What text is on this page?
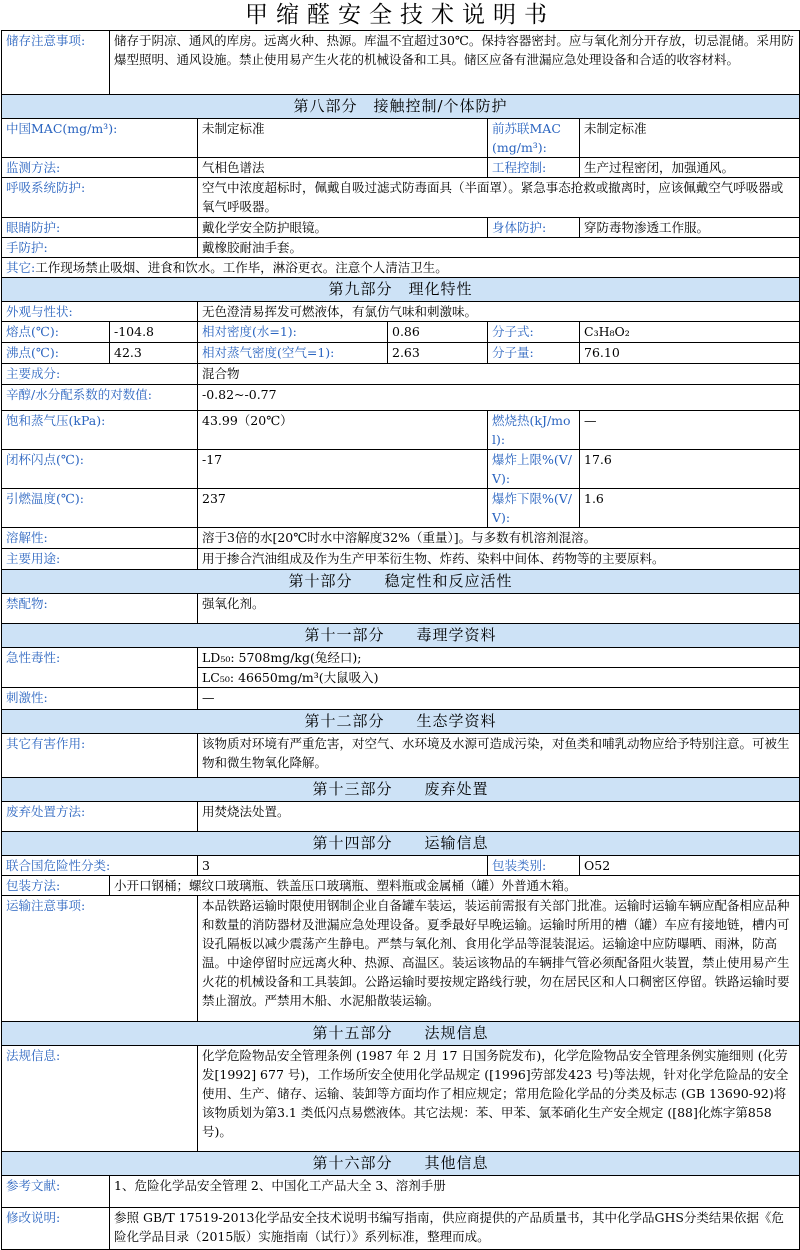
甲缩醛安全技术说明书
储存注意事项:	储存于阴凉、通风的库房。远离火种、热源。库温不宜超过30℃。保持容器密封。应与氧化剂分开存放，切忌混储。采用防爆型照明、通风设施。禁止使用易产生火花的机械设备和工具。储区应备有泄漏应急处理设备和合适的收容材料。				
第八部分　接触控制/个体防护					
中国MAC(mg/m³):		未制定标准		前苏联MAC(mg/m³):	未制定标准
监测方法:		气相色谱法		工程控制:	生产过程密闭，加强通风。
呼吸系统防护:		空气中浓度超标时，佩戴自吸过滤式防毒面具（半面罩）。紧急事态抢救或撤离时，应该佩戴空气呼吸器或氧气呼吸器。			
眼睛防护:		戴化学安全防护眼镜。		身体防护:	穿防毒物渗透工作服。
手防护:		戴橡胶耐油手套。			
其它:工作现场禁止吸烟、进食和饮水。工作毕，淋浴更衣。注意个人清洁卫生。					
第九部分　理化特性					
外观与性状:		无色澄清易挥发可燃液体，有氯仿气味和刺激味。			
熔点(℃):	-104.8	相对密度(水=1):	0.86	分子式:	C₃H₈O₂
沸点(℃):	42.3	相对蒸气密度(空气=1):	2.63	分子量:	76.10
主要成分:		混合物			
辛醇/水分配系数的对数值:		-0.82~-0.77			
饱和蒸气压(kPa):		43.99（20℃）		燃烧热(kJ/mol):	—
闭杯闪点(℃):		-17		爆炸上限%(V/V):	17.6
引燃温度(℃):		237		爆炸下限%(V/V):	1.6
溶解性:		溶于3倍的水[20℃时水中溶解度32%（重量）]。与多数有机溶剂混溶。			
主要用途:		用于掺合汽油组成及作为生产甲苯衍生物、炸药、染料中间体、药物等的主要原料。			
第十部分　　稳定性和反应活性					
禁配物:		强氧化剂。			
第十一部分　　毒理学资料					
急性毒性:		LD₅₀: 5708mg/kg(兔经口);			
		LC₅₀: 46650mg/m³(大鼠吸入)			
刺激性:		—			
第十二部分　　生态学资料					
其它有害作用:		该物质对环境有严重危害，对空气、水环境及水源可造成污染，对鱼类和哺乳动物应给予特别注意。可被生物和微生物氧化降解。			
第十三部分　　废弃处置					
废弃处置方法:		用焚烧法处置。			
第十四部分　　运输信息					
联合国危险性分类:		3		包装类别:	O52
包装方法:	小开口钢桶；螺纹口玻璃瓶、铁盖压口玻璃瓶、塑料瓶或金属桶（罐）外普通木箱。				
运输注意事项:		本品铁路运输时限使用钢制企业自备罐车装运，装运前需报有关部门批准。运输时运输车辆应配备相应品种和数量的消防器材及泄漏应急处理设备。夏季最好早晚运输。运输时所用的槽（罐）车应有接地链，槽内可设孔隔板以减少震荡产生静电。严禁与氧化剂、食用化学品等混装混运。运输途中应防曝晒、雨淋，防高温。中途停留时应远离火种、热源、高温区。装运该物品的车辆排气管必须配备阻火装置，禁止使用易产生火花的机械设备和工具装卸。公路运输时要按规定路线行驶，勿在居民区和人口稠密区停留。铁路运输时要禁止溜放。严禁用木船、水泥船散装运输。			
第十五部分　　法规信息					
法规信息:		化学危险物品安全管理条例 (1987 年 2 月 17 日国务院发布)，化学危险物品安全管理条例实施细则 (化劳发[1992] 677 号)，工作场所安全使用化学品规定 ([1996]劳部发423 号)等法规，针对化学危险品的安全使用、生产、储存、运输、装卸等方面均作了相应规定；常用危险化学品的分类及标志 (GB 13690-92)将该物质划为第3.1 类低闪点易燃液体。其它法规：苯、甲苯、氯苯硝化生产安全规定 ([88]化炼字第858 号)。			
第十六部分　　其他信息					
参考文献:	1、危险化学品安全管理 2、中国化工产品大全 3、溶剂手册				
修改说明:	参照 GB/T 17519-2013化学品安全技术说明书编写指南，供应商提供的产品质量书，其中化学品GHS分类结果依据《危险化学品目录（2015版）实施指南（试行）》系列标准，整理而成。				
